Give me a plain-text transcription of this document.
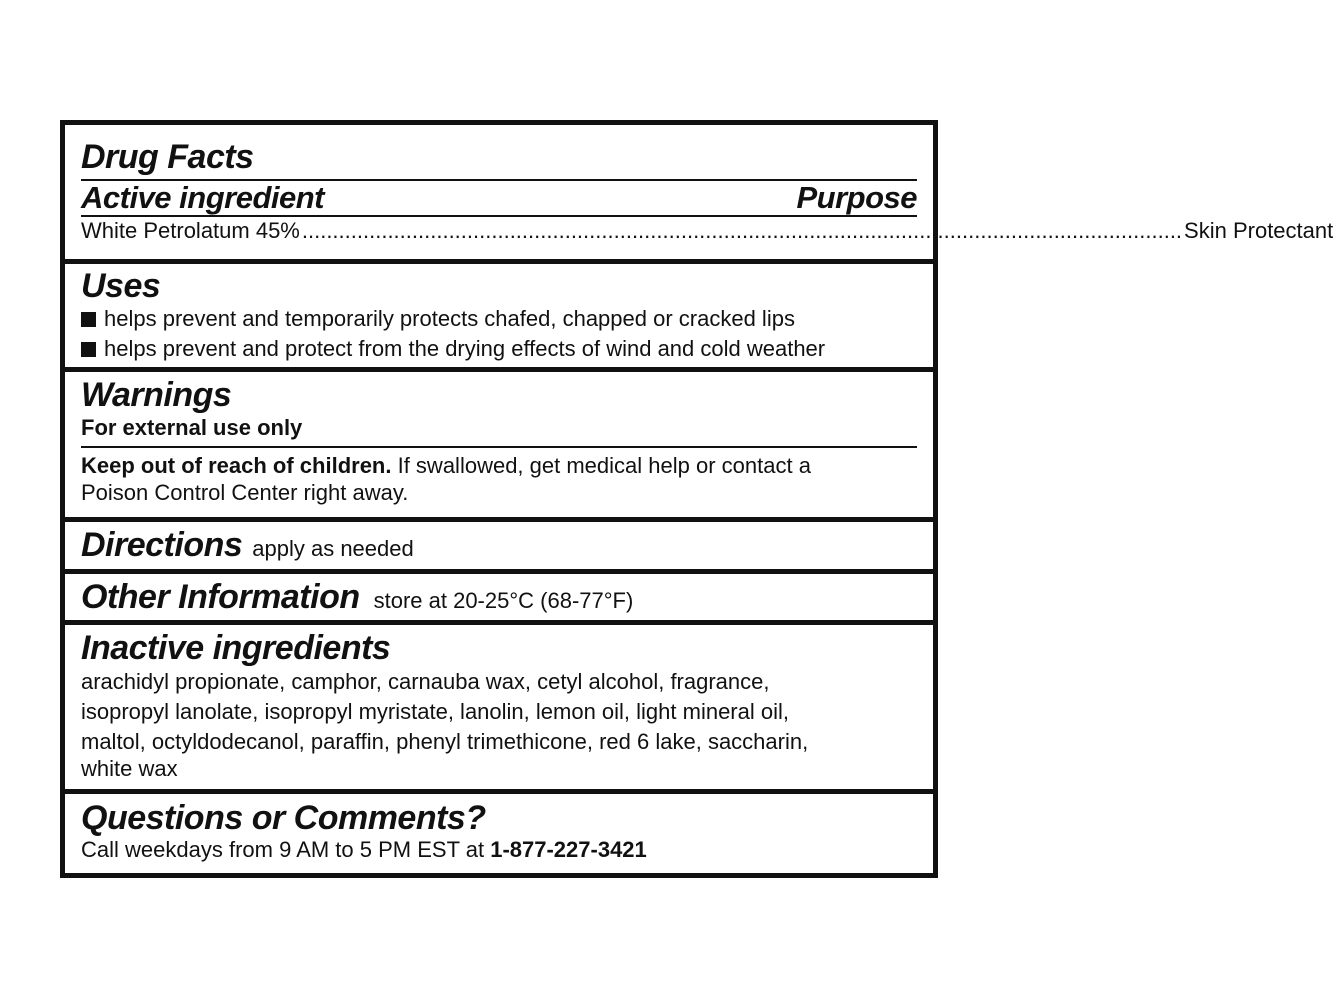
Drug Facts
Active ingredient	Purpose
White Petrolatum 45% ................................................................................................................................................ Skin Protectant
Uses
helps prevent and temporarily protects chafed, chapped or cracked lips
helps prevent and protect from the drying effects of wind and cold weather
Warnings
For external use only
Keep out of reach of children. If swallowed, get medical help or contact a
Poison Control Center right away.
Directions apply as needed
Other Information store at 20-25°C (68-77°F)
Inactive ingredients
arachidyl propionate, camphor, carnauba wax, cetyl alcohol, fragrance,
isopropyl lanolate, isopropyl myristate, lanolin, lemon oil, light mineral oil,
maltol, octyldodecanol, paraffin, phenyl trimethicone, red 6 lake, saccharin,
white wax
Questions or Comments?
Call weekdays from 9 AM to 5 PM EST at 1-877-227-3421
